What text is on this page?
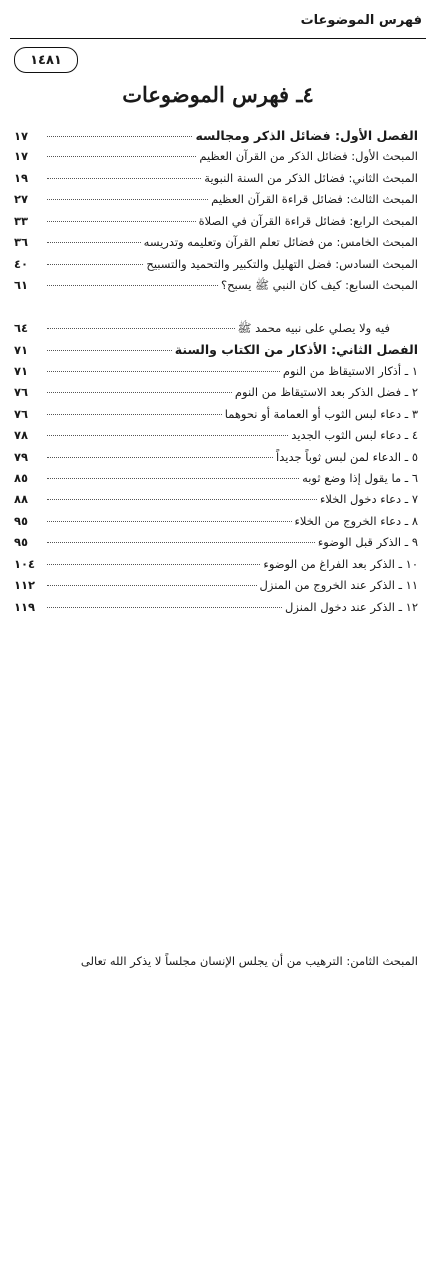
فهرس الموضوعات
١٤٨١
٤ـ فهرس الموضوعات
الفصل الأول: فضائل الذكر ومجالسه
١٧
المبحث الأول: فضائل الذكر من القرآن العظيم
١٧
المبحث الثاني: فضائل الذكر من السنة النبوية
١٩
المبحث الثالث: فضائل قراءة القرآن العظيم
٢٧
المبحث الرابع: فضائل قراءة القرآن في الصلاة
٣٣
المبحث الخامس: من فضائل تعلم القرآن وتعليمه وتدريسه
٣٦
المبحث السادس: فضل التهليل والتكبير والتحميد والتسبيح
٤٠
المبحث السابع: كيف كان النبي ﷺ يسبح؟
٦١
المبحث الثامن: الترهيب من أن يجلس الإنسان مجلساً لا يذكر الله تعالى
فيه ولا يصلي على نبيه محمد ﷺ
٦٤
الفصل الثاني: الأذكار من الكتاب والسنة
٧١
١ ـ أذكار الاستيقاظ من النوم
٧١
٢ ـ فضل الذكر بعد الاستيقاظ من النوم
٧٦
٣ ـ دعاء لبس الثوب أو العمامة أو نحوهما
٧٦
٤ ـ دعاء لبس الثوب الجديد
٧٨
٥ ـ الدعاء لمن لبس ثوباً جديداً
٧٩
٦ ـ ما يقول إذا وضع ثوبه
٨٥
٧ ـ دعاء دخول الخلاء
٨٨
٨ ـ دعاء الخروج من الخلاء
٩٥
٩ ـ الذكر قبل الوضوء
٩٥
١٠ ـ الذكر بعد الفراغ من الوضوء
١٠٤
١١ ـ الذكر عند الخروج من المنزل
١١٢
١٢ ـ الذكر عند دخول المنزل
١١٩
